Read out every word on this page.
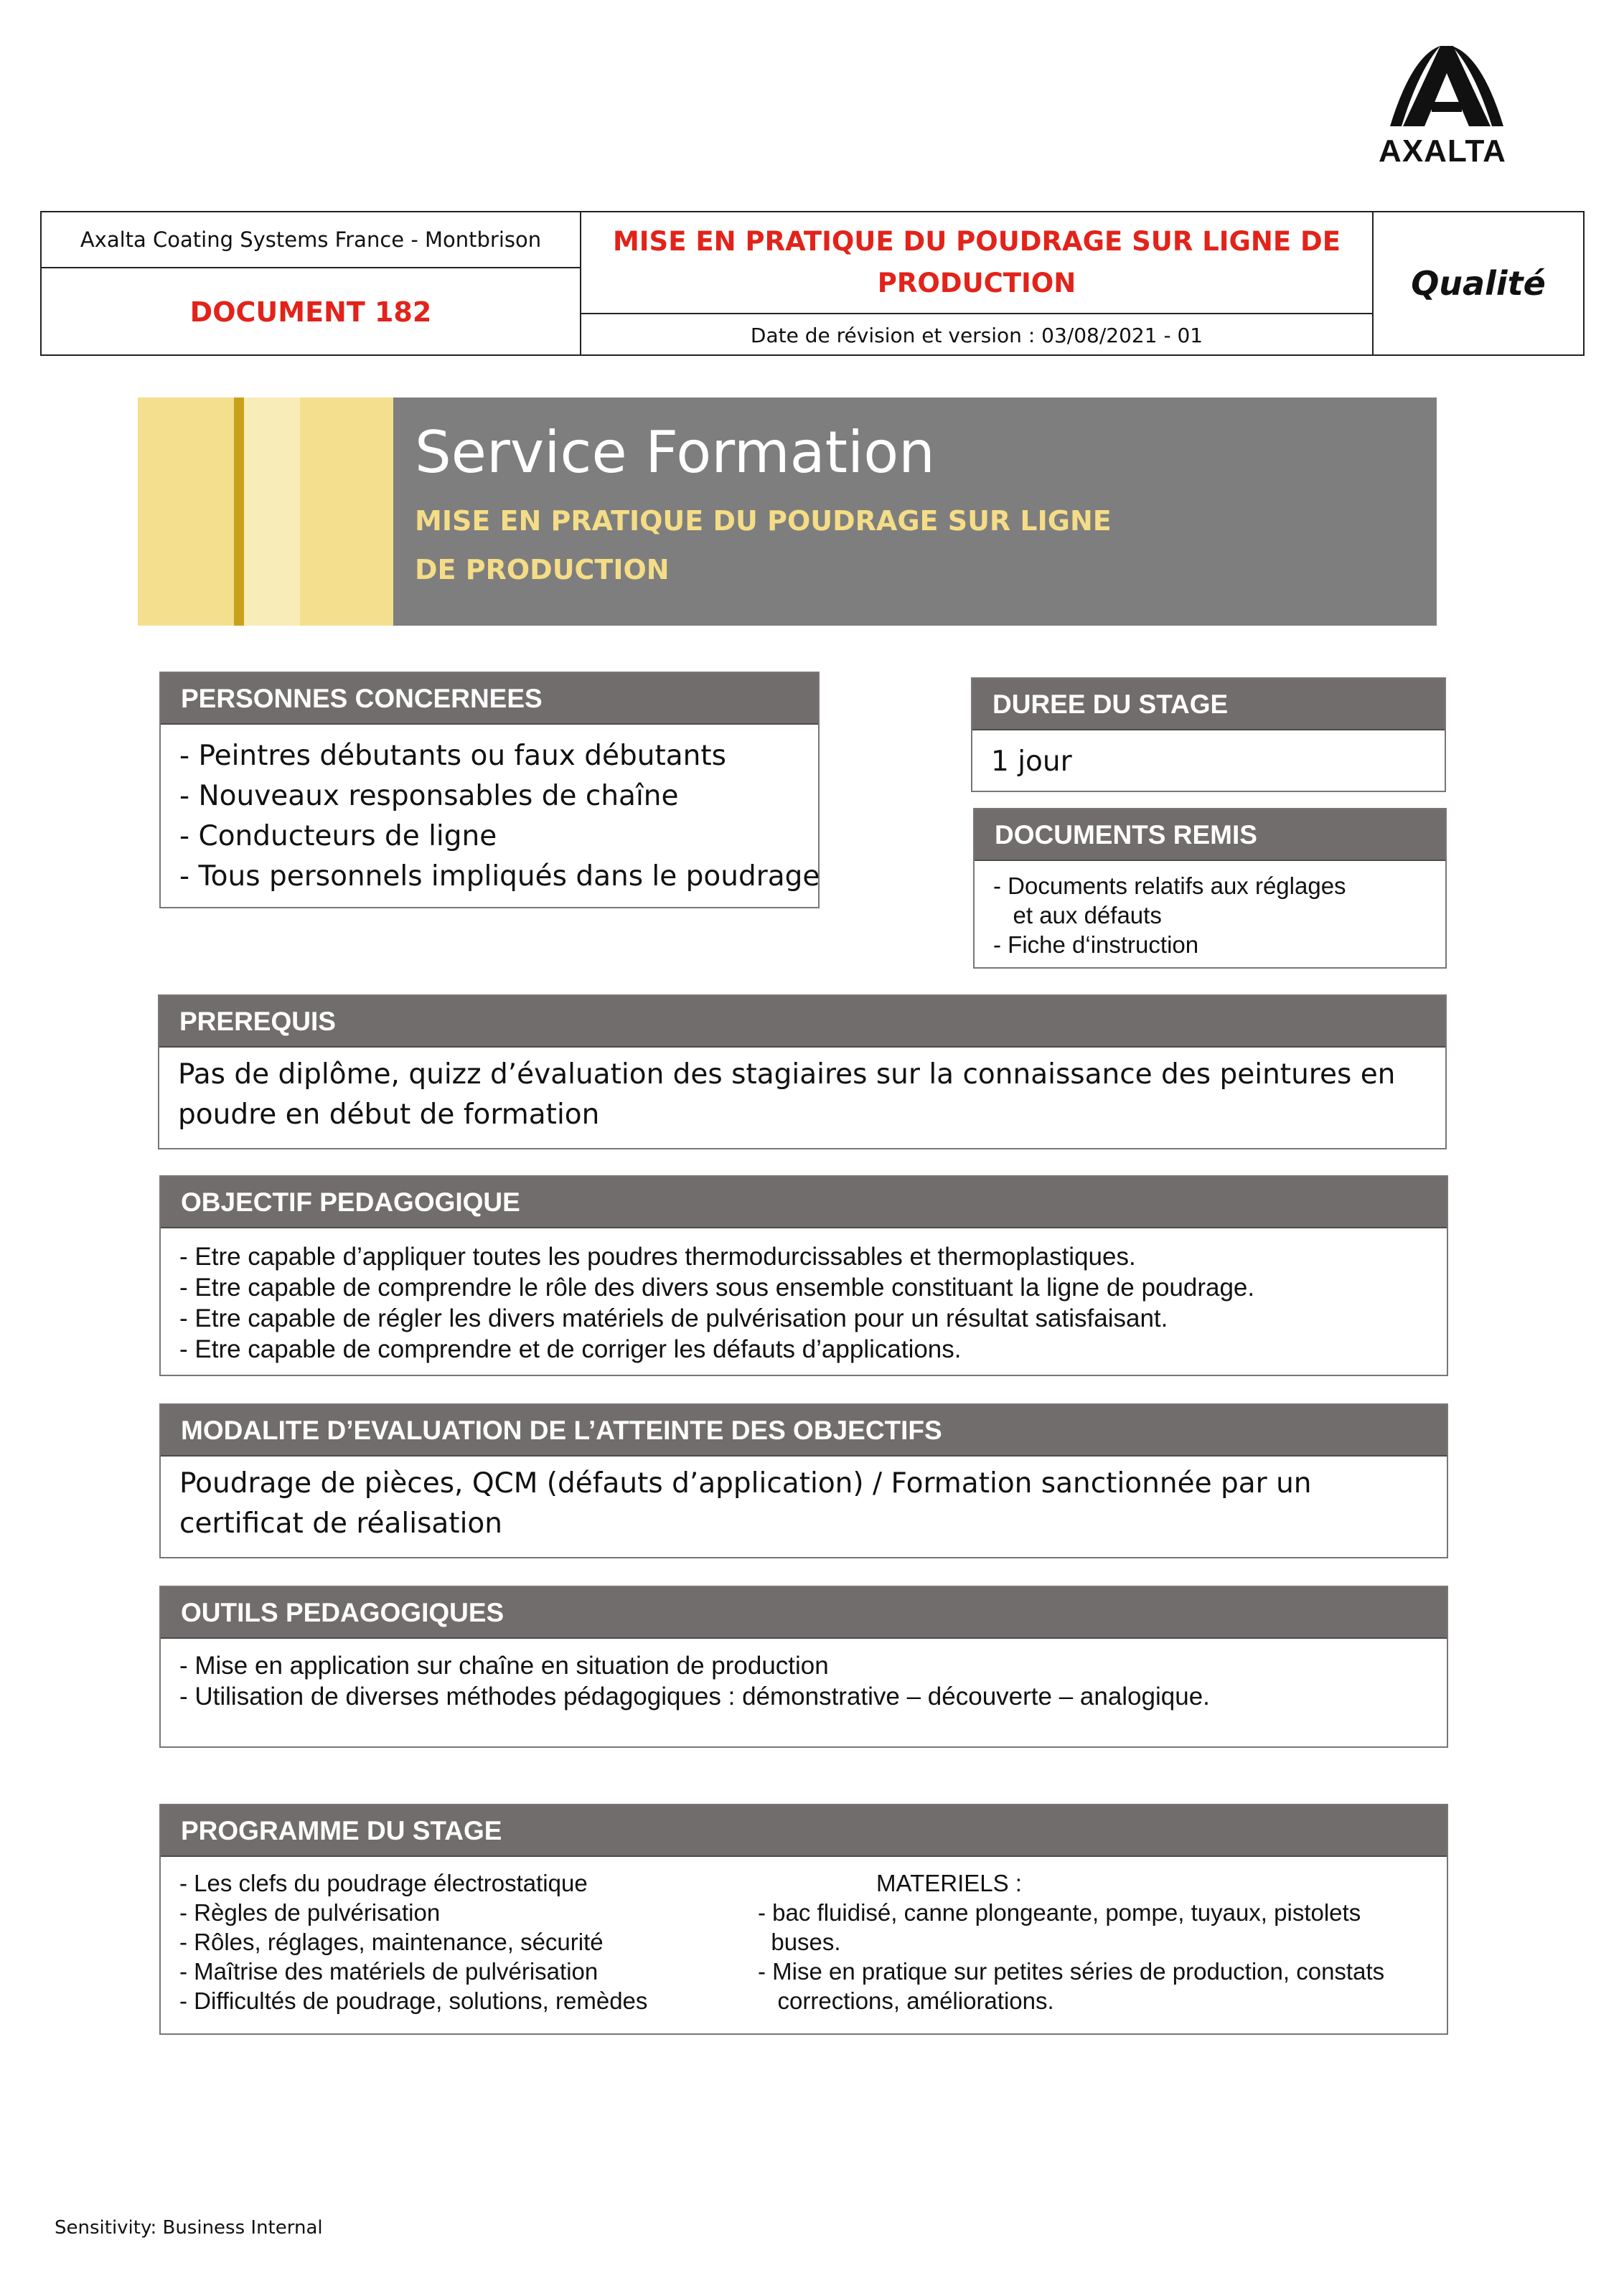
AXALTA
Axalta Coating Systems France - Montbrison
DOCUMENT 182
MISE EN PRATIQUE DU POUDRAGE SUR LIGNE DE
PRODUCTION
Date de révision et version : 03/08/2021 - 01
Qualité
Service Formation
MISE EN PRATIQUE DU POUDRAGE SUR LIGNE
DE PRODUCTION
PERSONNES CONCERNEES
- Peintres débutants ou faux débutants
- Nouveaux responsables de chaîne
- Conducteurs de ligne
- Tous personnels impliqués dans le poudrage
DUREE DU STAGE
1 jour
DOCUMENTS REMIS
- Documents relatifs aux réglages
et aux défauts
- Fiche d‘instruction
PREREQUIS
Pas de diplôme, quizz d’évaluation des stagiaires sur la connaissance des peintures en poudre en début de formation
OBJECTIF PEDAGOGIQUE
- Etre capable d’appliquer toutes les poudres thermodurcissables et thermoplastiques.
- Etre capable de comprendre le rôle des divers sous ensemble constituant la ligne de poudrage.
- Etre capable de régler les divers matériels de pulvérisation pour un résultat satisfaisant.
- Etre capable de comprendre et de corriger les défauts d’applications.
MODALITE D’EVALUATION DE L’ATTEINTE DES OBJECTIFS
Poudrage de pièces, QCM (défauts d’application) / Formation sanctionnée par un certificat de réalisation
OUTILS PEDAGOGIQUES
- Mise en application sur chaîne en situation de production
- Utilisation de diverses méthodes pédagogiques : démonstrative – découverte – analogique.
PROGRAMME DU STAGE
- Les clefs du poudrage électrostatique
- Règles de pulvérisation
- Rôles, réglages, maintenance, sécurité
- Maîtrise des matériels de pulvérisation
- Difficultés de poudrage, solutions, remèdes
MATERIELS :
- bac fluidisé, canne plongeante, pompe, tuyaux, pistolets
buses.
- Mise en pratique sur petites séries de production, constats
corrections, améliorations.
Sensitivity: Business Internal
